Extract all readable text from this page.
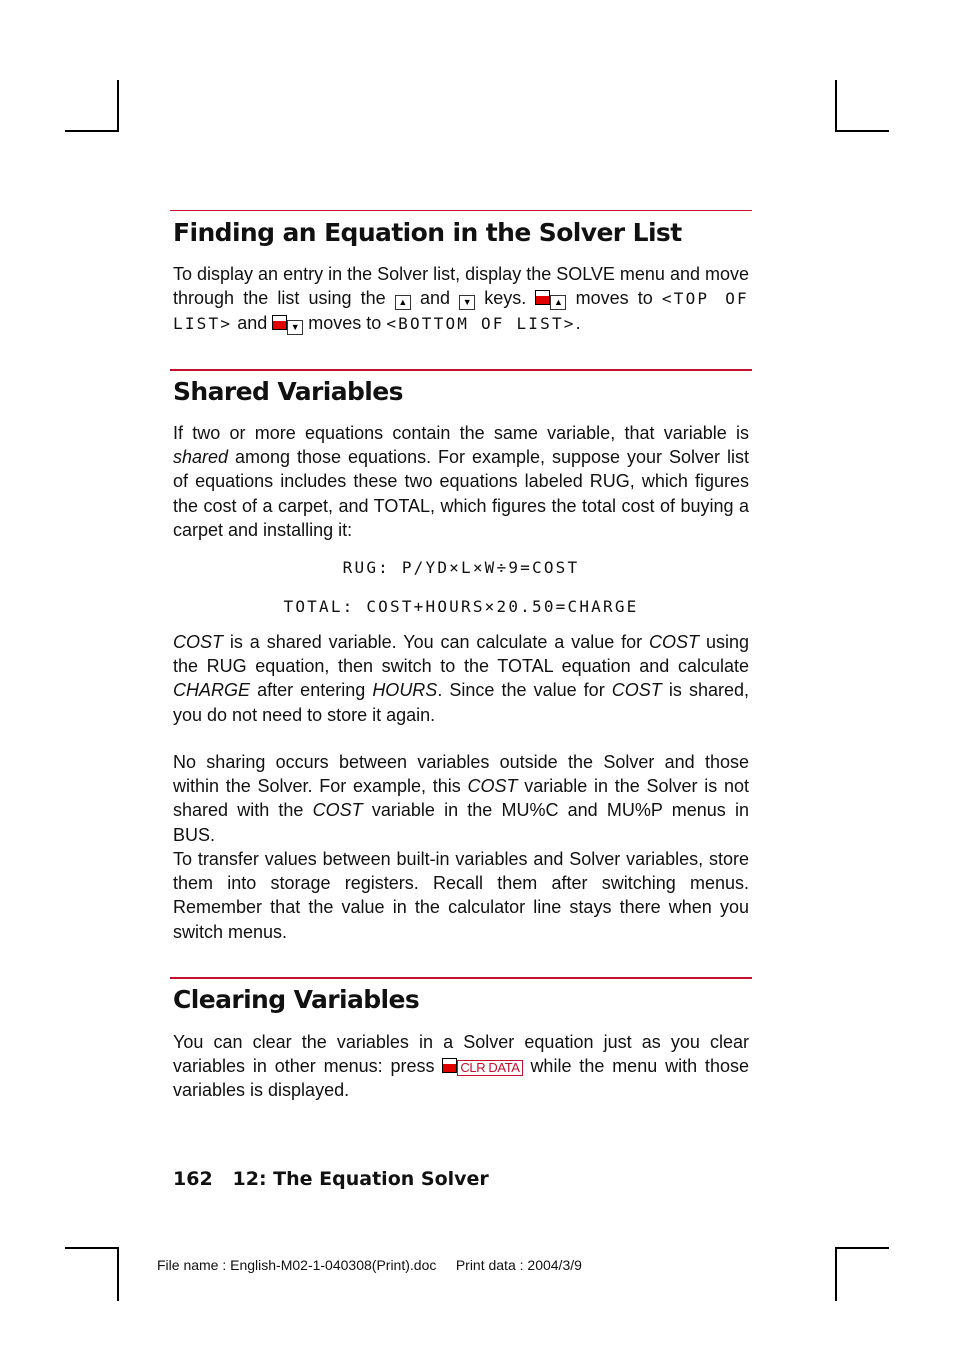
Finding an Equation in the Solver List

To display an entry in the Solver list, display the SOLVE menu and move through the list using the ▲ and ▼ keys.	▲ moves to <TOP OF LIST> and	▼ moves to <BOTTOM OF LIST>.

Shared Variables

If two or more equations contain the same variable, that variable is shared among those equations. For example, suppose your Solver list of equations includes these two equations labeled RUG, which figures the cost of a carpet, and TOTAL, which figures the total cost of buying a carpet and installing it:

RUG: P/YD×L×W÷9=COST

TOTAL: COST+HOURS×20.50=CHARGE

COST is a shared variable. You can calculate a value for COST using the RUG equation, then switch to the TOTAL equation and calculate CHARGE after entering HOURS. Since the value for COST is shared, you do not need to store it again.

No sharing occurs between variables outside the Solver and those within the Solver. For example, this COST variable in the Solver is not shared with the COST variable in the MU%C and MU%P menus in BUS.

To transfer values between built-in variables and Solver variables, store them into storage registers. Recall them after switching menus. Remember that the value in the calculator line stays there when you switch menus.

Clearing Variables

You can clear the variables in a Solver equation just as you clear variables in other menus: press CLR DATA while the menu with those variables is displayed.

162 12: The Equation Solver

File name : English-M02-1-040308(Print).doc Print data : 2004/3/9
